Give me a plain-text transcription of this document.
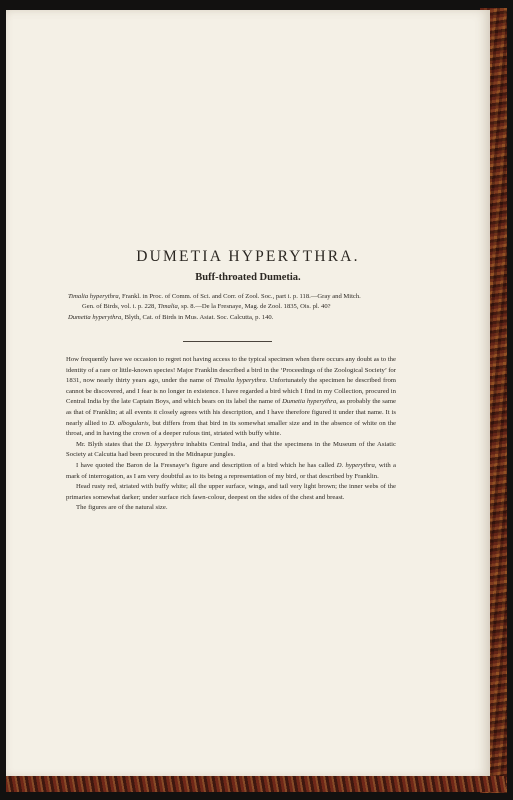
DUMETIA HYPERYTHRA.
Buff-throated Dumetia.
Timalia hyperythra, Frankl. in Proc. of Comm. of Sci. and Corr. of Zool. Soc., part i. p. 118.—Gray and Mitch.
Gen. of Birds, vol. i. p. 228, Timalia, sp. 8.—De la Fresnaye, Mag. de Zool. 1835, Ois. pl. 40?
Dumetia hyperythra, Blyth, Cat. of Birds in Mus. Asiat. Soc. Calcutta, p. 140.

How frequently have we occasion to regret not having access to the typical specimen when there occurs any doubt as to the identity of a rare or little-known species! Major Franklin described a bird in the ‘Proceedings of the Zoological Society’ for 1831, now nearly thirty years ago, under the name of Timalia hyperythra. Unfortunately the specimen he described from cannot be discovered, and I fear is no longer in existence. I have regarded a bird which I find in my Collection, procured in Central India by the late Captain Boys, and which bears on its label the name of Dumetia hyperythra, as probably the same as that of Franklin; at all events it closely agrees with his description, and I have therefore figured it under that name. It is nearly allied to D. albogularis, but differs from that bird in its somewhat smaller size and in the absence of white on the throat, and in having the crown of a deeper rufous tint, striated with buffy white.

Mr. Blyth states that the D. hyperythra inhabits Central India, and that the specimens in the Museum of the Asiatic Society at Calcutta had been procured in the Midnapur jungles.

I have quoted the Baron de la Fresnaye’s figure and description of a bird which he has called D. hyperythra, with a mark of interrogation, as I am very doubtful as to its being a representation of my bird, or that described by Franklin.

Head rusty red, striated with buffy white; all the upper surface, wings, and tail very light brown; the inner webs of the primaries somewhat darker; under surface rich fawn-colour, deepest on the sides of the chest and breast.

The figures are of the natural size.
